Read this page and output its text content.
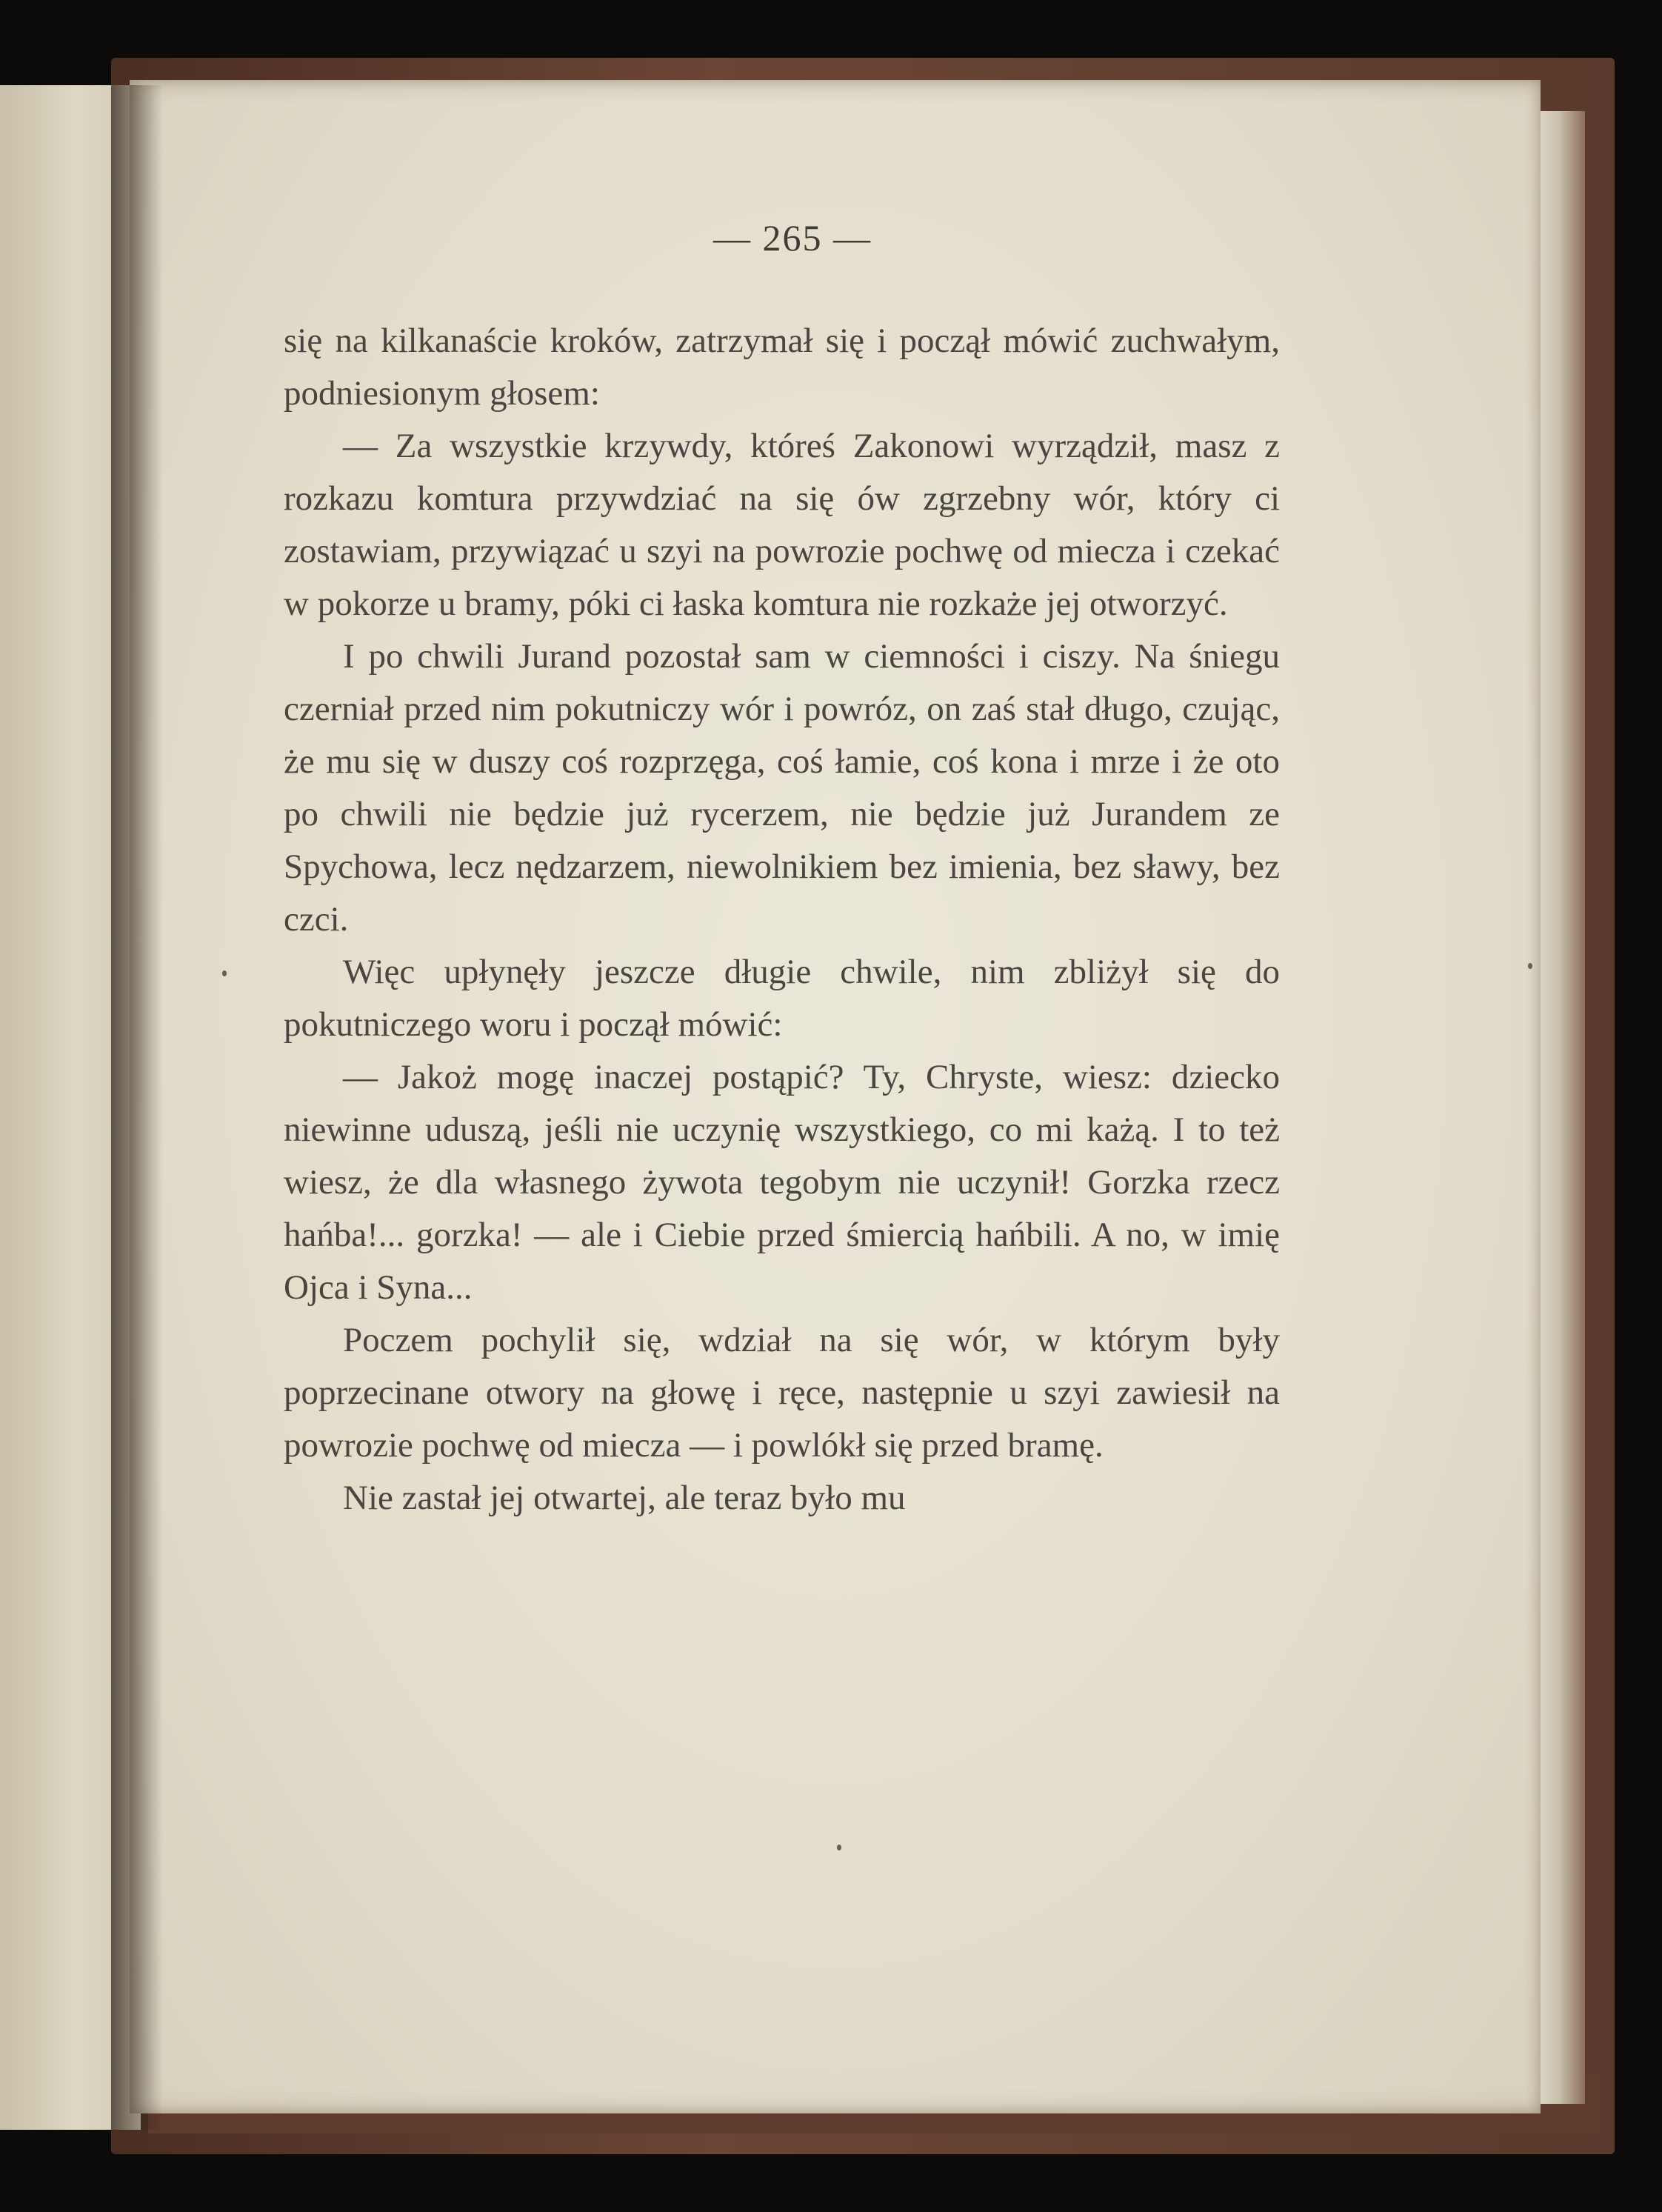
— 265 —

się na kilkanaście kroków, zatrzymał się i począł mówić zuchwałym, podniesionym głosem:

— Za wszystkie krzywdy, któreś Zakonowi wyrządził, masz z rozkazu komtura przywdziać na się ów zgrzebny wór, który ci zostawiam, przywiązać u szyi na powrozie pochwę od miecza i czekać w pokorze u bramy, póki ci łaska komtura nie rozkaże jej otworzyć.

I po chwili Jurand pozostał sam w ciemności i ciszy. Na śniegu czerniał przed nim pokutniczy wór i powróz, on zaś stał długo, czując, że mu się w duszy coś rozprzęga, coś łamie, coś kona i mrze i że oto po chwili nie będzie już rycerzem, nie będzie już Jurandem ze Spychowa, lecz nędzarzem, niewolnikiem bez imienia, bez sławy, bez czci.

Więc upłynęły jeszcze długie chwile, nim zbliżył się do pokutniczego woru i począł mówić:

— Jakoż mogę inaczej postąpić? Ty, Chryste, wiesz: dziecko niewinne uduszą, jeśli nie uczynię wszystkiego, co mi każą. I to też wiesz, że dla własnego żywota tegobym nie uczynił! Gorzka rzecz hańba!... gorzka! — ale i Ciebie przed śmiercią hańbili. A no, w imię Ojca i Syna...

Poczem pochylił się, wdział na się wór, w którym były poprzecinane otwory na głowę i ręce, następnie u szyi zawiesił na powrozie pochwę od miecza — i powlókł się przed bramę.

Nie zastał jej otwartej, ale teraz było mu
